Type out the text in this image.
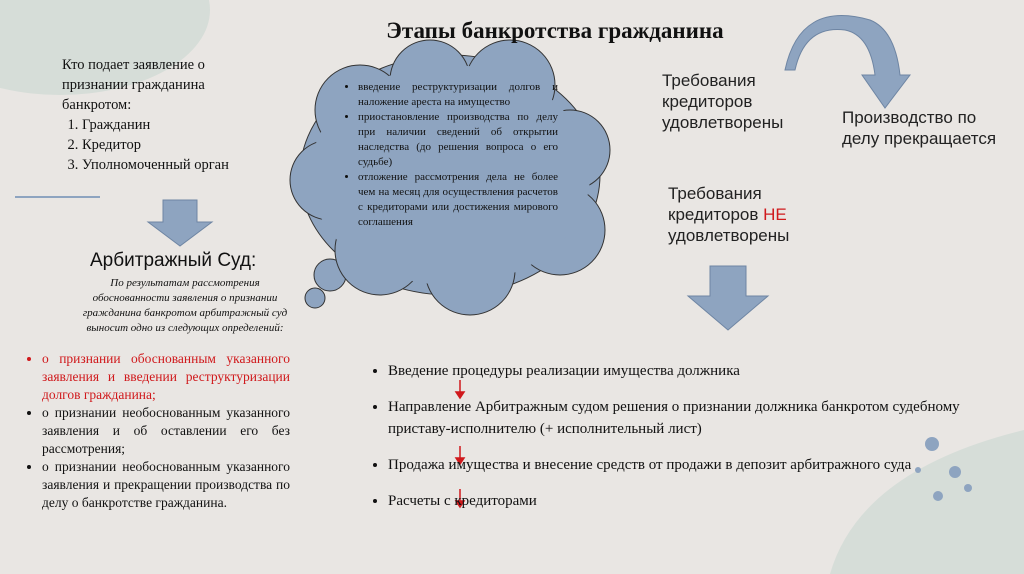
Этапы банкротства гражданина
Кто подает заявление о признании гражданина банкротом:
1. Гражданин
2. Кредитор
3. Уполномоченный орган
Арбитражный Суд:
По результатам рассмотрения обоснованности заявления о признании гражданина банкротом арбитражный суд выносит одно из следующих определений:
• о признании обоснованным указанного заявления и введении реструктуризации долгов гражданина;
• о признании необоснованным указанного заявления и об оставлении его без рассмотрения;
• о признании необоснованным указанного заявления и прекращении производства по делу о банкротстве гражданина.
• введение реструктуризации долгов и наложение ареста на имущество
• приостановление производства по делу при наличии сведений об открытии наследства (до решения вопроса о его судьбе)
• отложение рассмотрения дела не более чем на месяц для осуществления расчетов с кредиторами или достижения мирового соглашения
Требования кредиторов удовлетворены	Производство по делу прекращается
Требования кредиторов НЕ удовлетворены
• Введение процедуры реализации имущества должника
• Направление Арбитражным судом решения о признании должника банкротом судебному приставу-исполнителю (+ исполнительный лист)
• Продажа имущества и внесение средств от продажи в депозит арбитражного суда
• Расчеты с кредиторами
